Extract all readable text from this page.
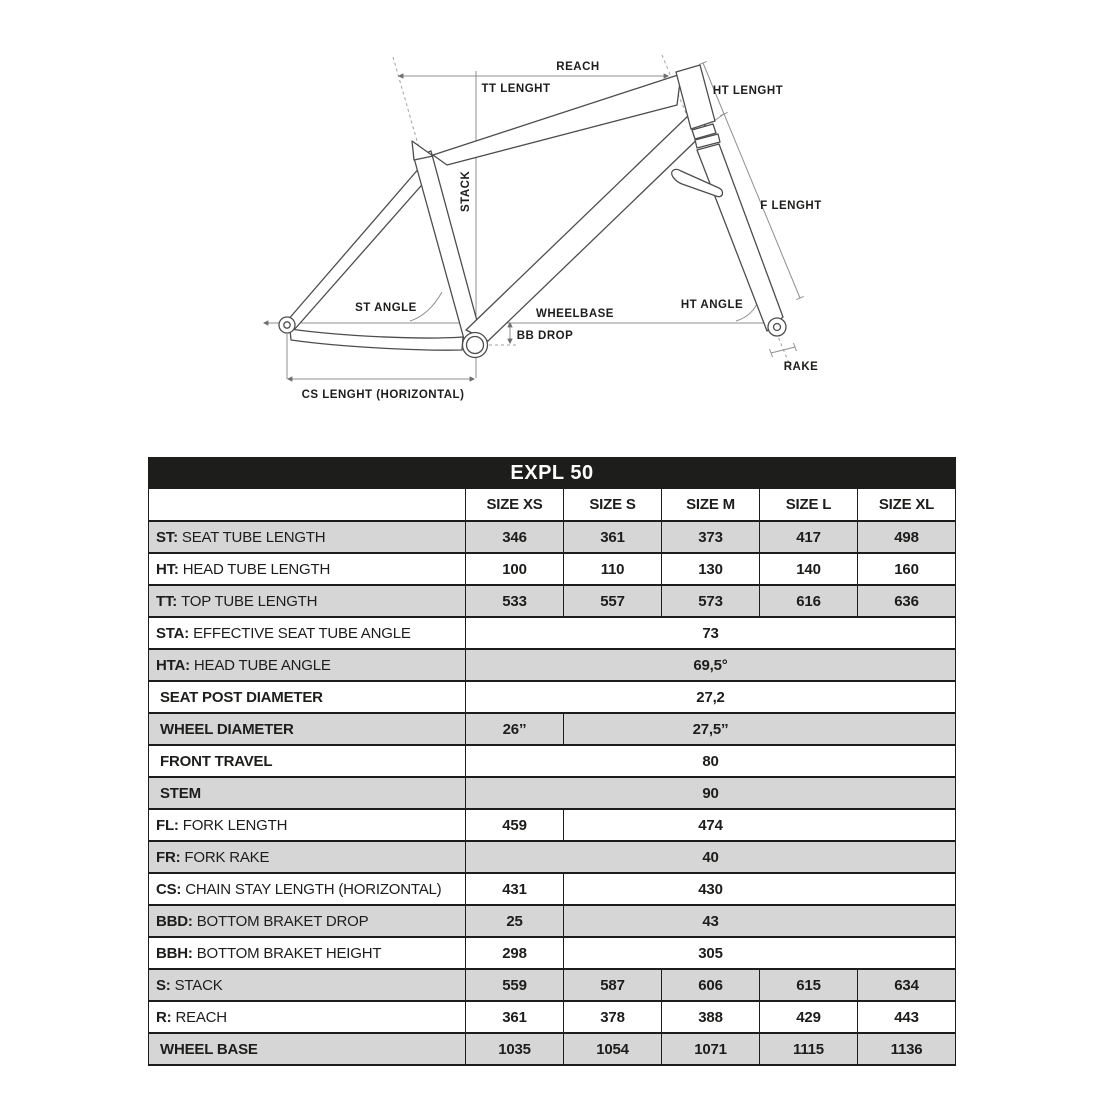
REACH
TT LENGHT	HT LENGHT
STACK	F LENGHT
ST ANGLE	WHEELBASE
BB DROP
HT ANGLE
RAKE
CS LENGHT (HORIZONTAL)
EXPL 50					
	SIZE XS	SIZE S	SIZE M	SIZE L	SIZE XL
ST: SEAT TUBE LENGTH	346	361	373	417	498
HT: HEAD TUBE LENGTH	100	110	130	140	160
TT: TOP TUBE LENGTH	533	557	573	616	636
STA: EFFECTIVE SEAT TUBE ANGLE	73				
HTA: HEAD TUBE ANGLE	69,5°				
SEAT POST DIAMETER	27,2				
WHEEL DIAMETER	26’’	27,5’’			
FRONT TRAVEL	80				
STEM	90				
FL: FORK LENGTH	459	474			
FR: FORK RAKE	40				
CS: CHAIN STAY LENGTH (HORIZONTAL)	431	430			
BBD: BOTTOM BRAKET DROP	25	43			
BBH: BOTTOM BRAKET HEIGHT	298	305			
S: STACK	559	587	606	615	634
R: REACH	361	378	388	429	443
WHEEL BASE	1035	1054	1071	1115	1136
